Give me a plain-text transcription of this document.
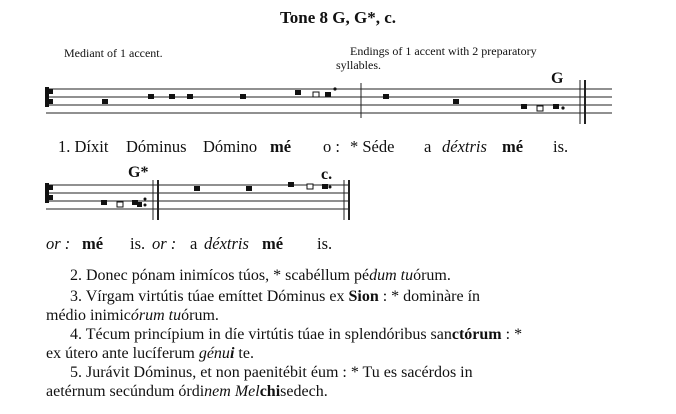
Tone 8 G, G*, c.
Mediant of 1 accent.	Endings of 1 accent with 2 preparatory
syllables.
G
1. Díxit Dóminus Dómino mé o : * Séde a déxtris mé is.
G*	c.
or : mé is. or : a déxtris mé is.
2. Donec pónam inimícos túos, * scabéllum pédum tuórum.
3. Vírgam virtútis túae emíttet Dóminus ex Sion : * dominàre ín
médio inimicórum tuórum.
4. Técum princípium in díe virtútis túae in splendóribus sanctórum : *
ex útero ante lucíferum génui te.
5. Jurávit Dóminus, et non paenitébit éum : * Tu es sacérdos in
aetérnum secúndum órdinem Melchisedech.
